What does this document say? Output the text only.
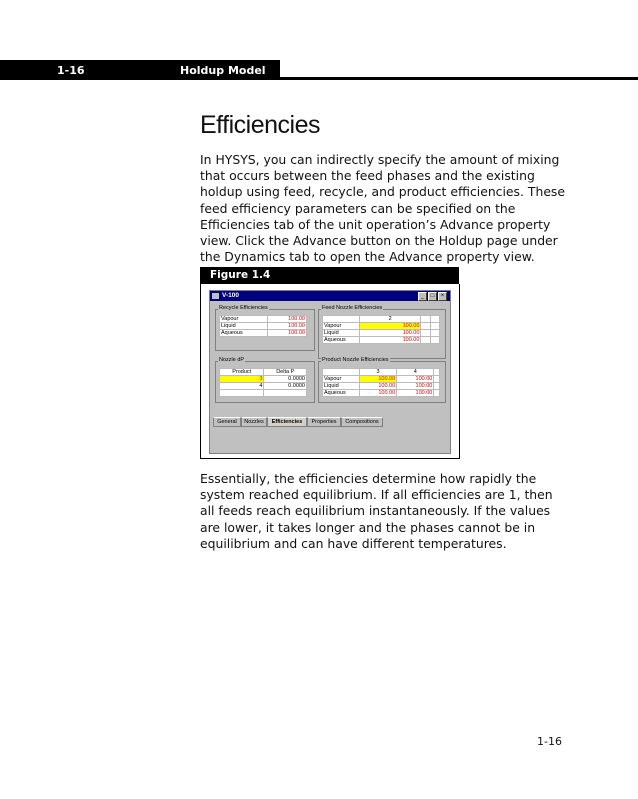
1-16	Holdup Model
Efficiencies

In HYSYS, you can indirectly specify the amount of mixing that occurs between the feed phases and the existing holdup using feed, recycle, and product efficiencies. These feed efficiency parameters can be specified on the Efficiencies tab of the unit operation’s Advance property view. Click the Advance button on the Holdup page under the Dynamics tab to open the Advance property view.

Figure 1.4
V-100	_	□	×
Recycle Efficiencies
Vapour	100.00
Liquid	100.00
Aqueous	100.00
Feed Nozzle Efficiencies
	2		
Vapour	100.00		
Liquid	100.00		
Aqueous	100.00		
Nozzle dP
Product	Delta P
3	0.0000
4	0.0000

Product Nozzle Efficiencies
	3	4	
Vapour	100.00	100.00	
Liquid	100.00	100.00	
Aqueous	100.00	100.00	
General	Nozzles	Efficiencies	Properties	Compositions

Essentially, the efficiencies determine how rapidly the system reached equilibrium. If all efficiencies are 1, then all feeds reach equilibrium instantaneously. If the values are lower, it takes longer and the phases cannot be in equilibrium and can have different temperatures.

1-16
